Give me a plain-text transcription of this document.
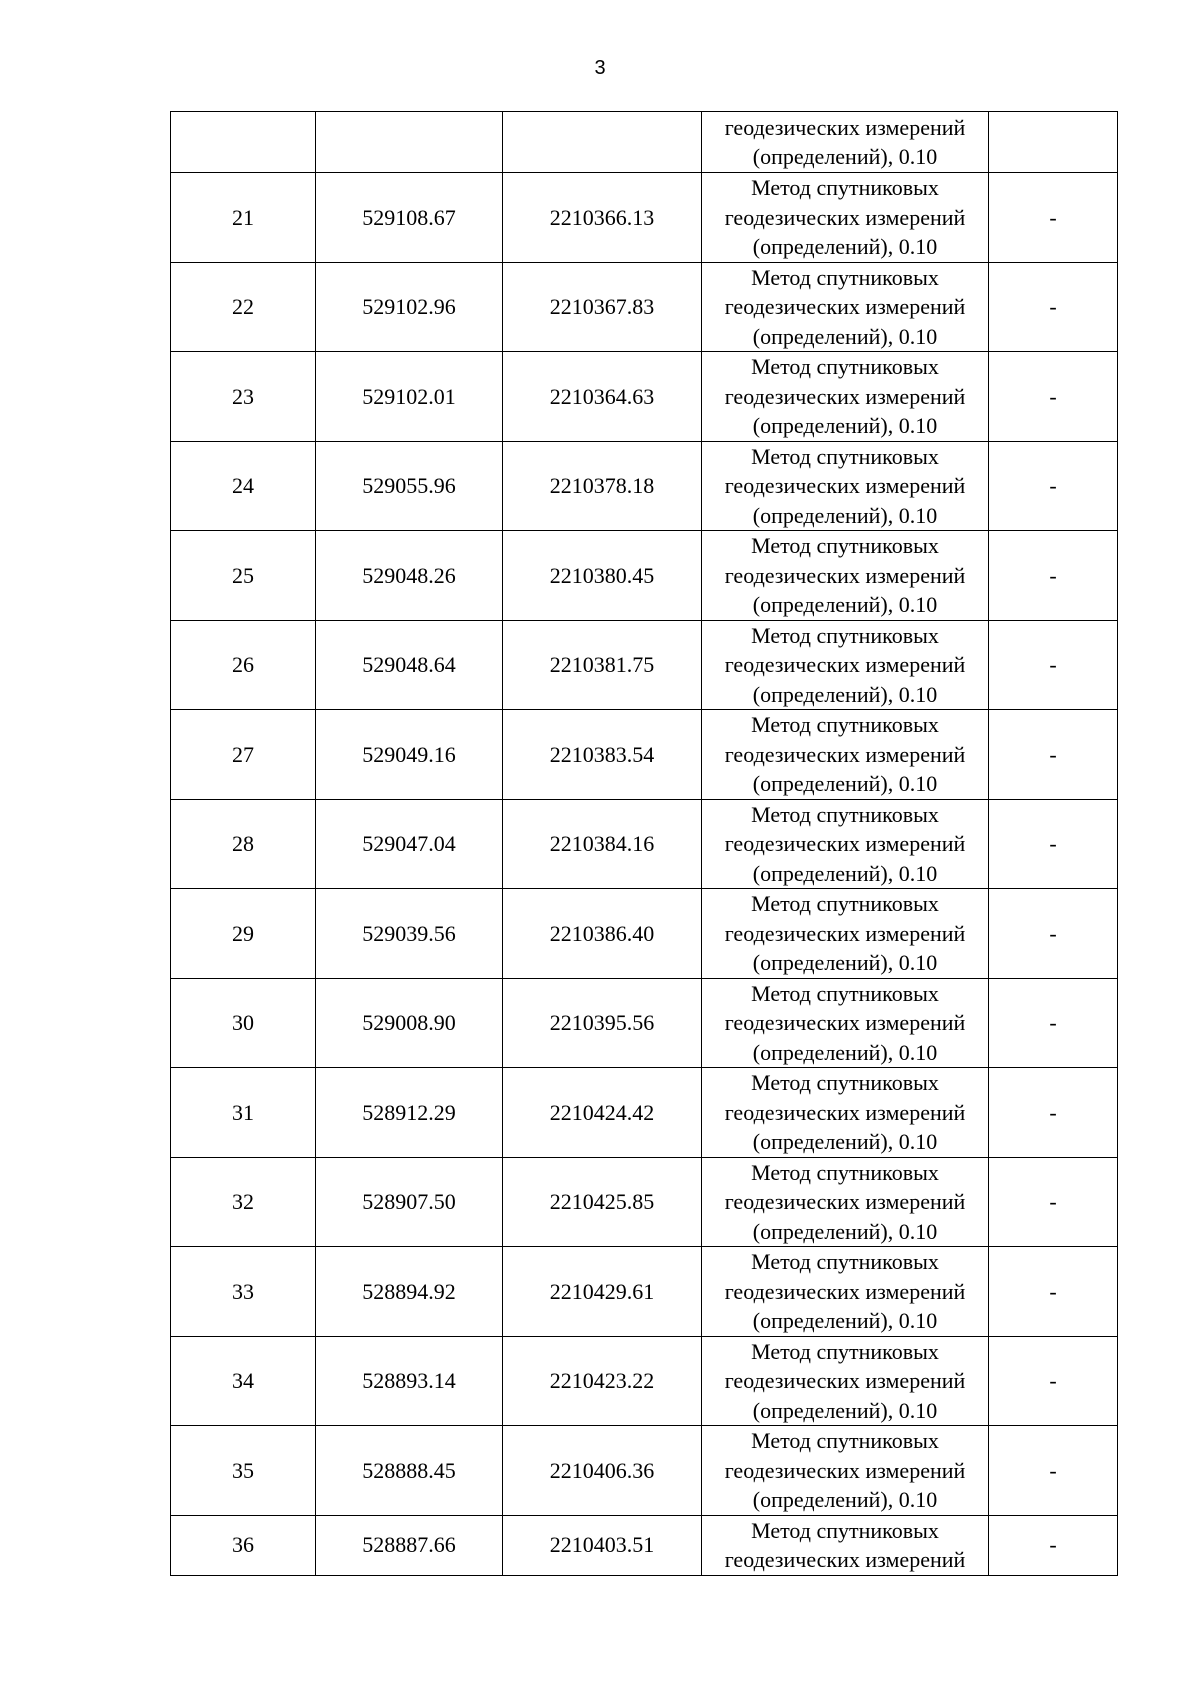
3

			геодезических измерений
(определений), 0.10	

21	529108.67	2210366.13	Метод спутниковых
геодезических измерений
(определений), 0.10	-
22	529102.96	2210367.83	Метод спутниковых
геодезических измерений
(определений), 0.10	-
23	529102.01	2210364.63	Метод спутниковых
геодезических измерений
(определений), 0.10	-
24	529055.96	2210378.18	Метод спутниковых
геодезических измерений
(определений), 0.10	-
25	529048.26	2210380.45	Метод спутниковых
геодезических измерений
(определений), 0.10	-
26	529048.64	2210381.75	Метод спутниковых
геодезических измерений
(определений), 0.10	-
27	529049.16	2210383.54	Метод спутниковых
геодезических измерений
(определений), 0.10	-
28	529047.04	2210384.16	Метод спутниковых
геодезических измерений
(определений), 0.10	-
29	529039.56	2210386.40	Метод спутниковых
геодезических измерений
(определений), 0.10	-
30	529008.90	2210395.56	Метод спутниковых
геодезических измерений
(определений), 0.10	-
31	528912.29	2210424.42	Метод спутниковых
геодезических измерений
(определений), 0.10	-
32	528907.50	2210425.85	Метод спутниковых
геодезических измерений
(определений), 0.10	-
33	528894.92	2210429.61	Метод спутниковых
геодезических измерений
(определений), 0.10	-
34	528893.14	2210423.22	Метод спутниковых
геодезических измерений
(определений), 0.10	-
35	528888.45	2210406.36	Метод спутниковых
геодезических измерений
(определений), 0.10	-
36	528887.66	2210403.51	Метод спутниковых
геодезических измерений	-
